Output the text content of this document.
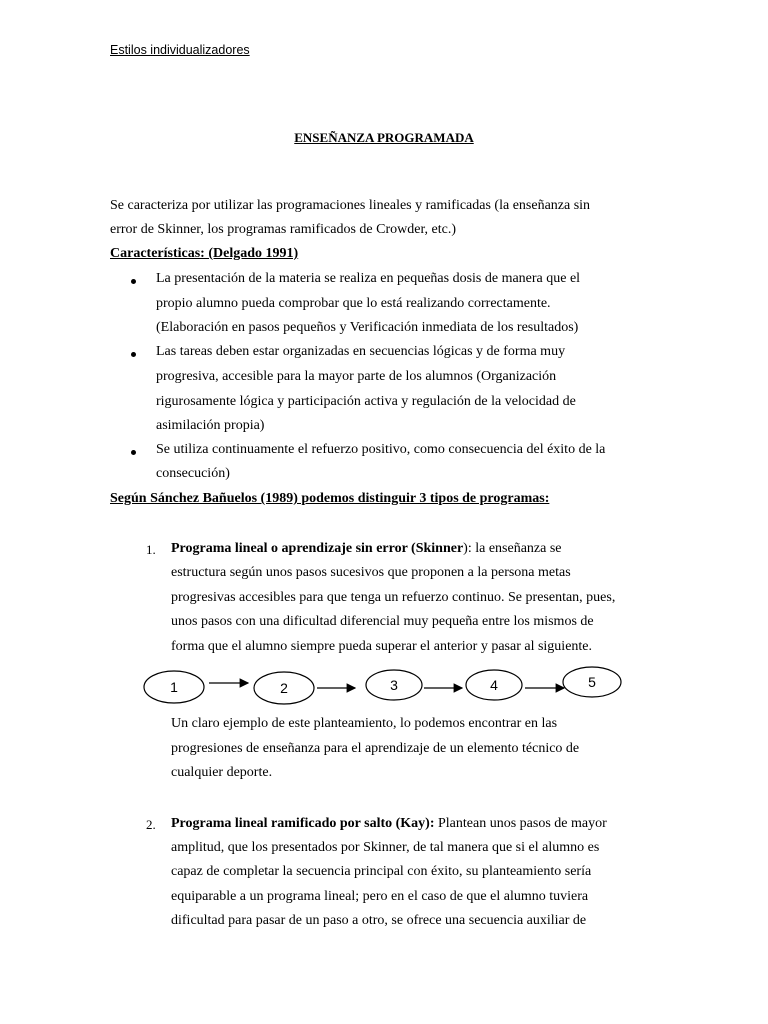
Estilos individualizadores
ENSEÑANZA PROGRAMADA
Se caracteriza por utilizar las programaciones lineales y ramificadas (la enseñanza sin
error de Skinner, los programas ramificados de Crowder, etc.)
Características: (Delgado 1991)
La presentación de la materia se realiza en pequeñas dosis de manera que el
propio alumno pueda comprobar que lo está realizando correctamente.
(Elaboración en pasos pequeños y Verificación inmediata de los resultados)
Las tareas deben estar organizadas en secuencias lógicas y de forma muy
progresiva, accesible para la mayor parte de los alumnos (Organización
rigurosamente lógica y participación activa y regulación de la velocidad de
asimilación propia)
Se utiliza continuamente el refuerzo positivo, como consecuencia del éxito de la
consecución)
Según Sánchez Bañuelos (1989) podemos distinguir 3 tipos de programas:
1. Programa lineal o aprendizaje sin error (Skinner): la enseñanza se
estructura según unos pasos sucesivos que proponen a la persona metas
progresivas accesibles para que tenga un refuerzo continuo. Se presentan, pues,
unos pasos con una dificultad diferencial muy pequeña entre los mismos de
forma que el alumno siempre pueda superar el anterior y pasar al siguiente.
1	2	3	4	5
Un claro ejemplo de este planteamiento, lo podemos encontrar en las
progresiones de enseñanza para el aprendizaje de un elemento técnico de
cualquier deporte.
2. Programa lineal ramificado por salto (Kay): Plantean unos pasos de mayor
amplitud, que los presentados por Skinner, de tal manera que si el alumno es
capaz de completar la secuencia principal con éxito, su planteamiento sería
equiparable a un programa lineal; pero en el caso de que el alumno tuviera
dificultad para pasar de un paso a otro, se ofrece una secuencia auxiliar de
